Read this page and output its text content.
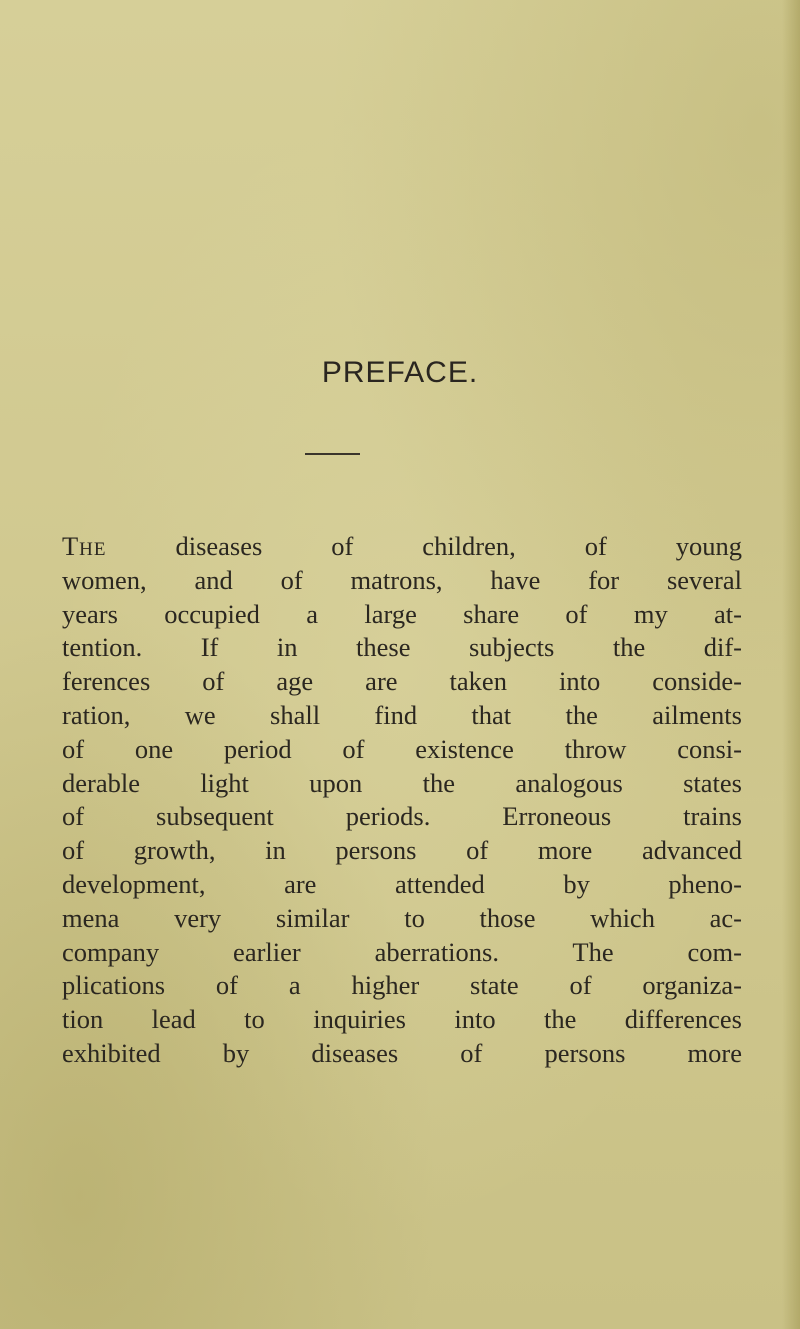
PREFACE.
The diseases of children, of young
women, and of matrons, have for several
years occupied a large share of my at-
tention. If in these subjects the dif-
ferences of age are taken into conside-
ration, we shall find that the ailments
of one period of existence throw consi-
derable light upon the analogous states
of subsequent periods. Erroneous trains
of growth, in persons of more advanced
development, are attended by pheno-
mena very similar to those which ac-
company earlier aberrations. The com-
plications of a higher state of organiza-
tion lead to inquiries into the differences
exhibited by diseases of persons more
